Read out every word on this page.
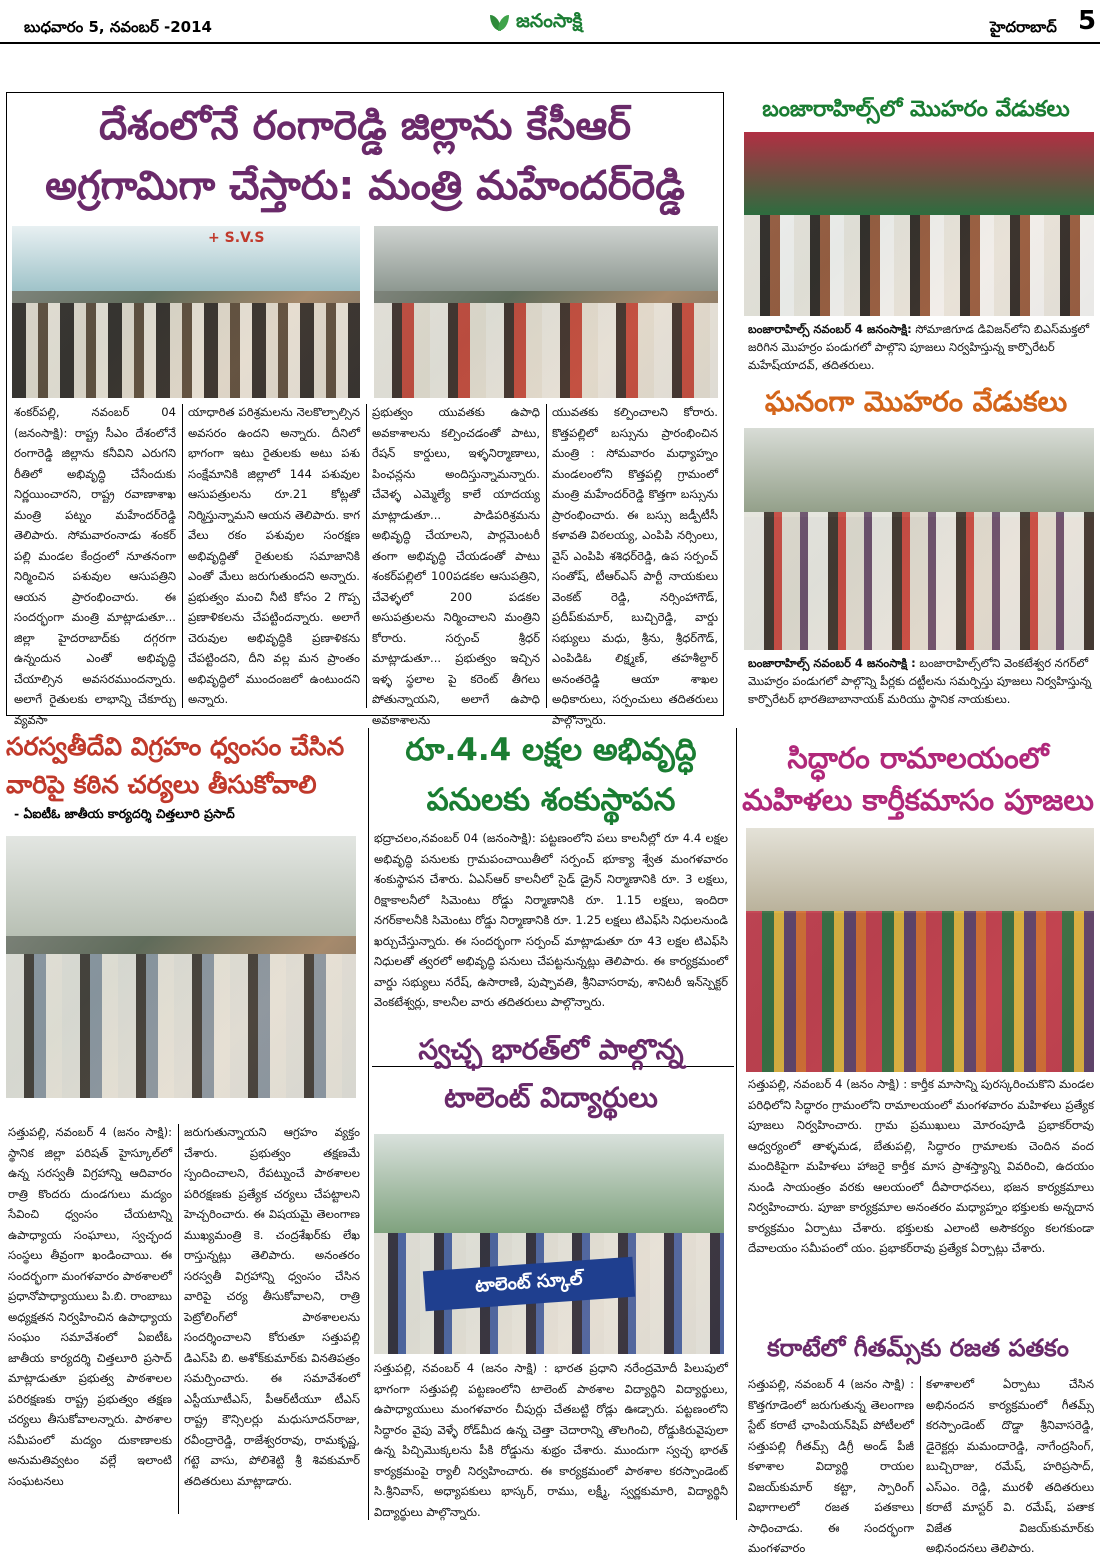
బుధవారం 5, నవంబర్ -2014	జనంసాక్షి	హైదరాబాద్ 5
దేశంలోనే రంగారెడ్డి జిల్లాను కేసీఆర్
అగ్రగామిగా చేస్తారు: మంత్రి మహేందర్‌రెడ్డి
+ S.V.S
శంకర్‌పల్లి, నవంబర్ 04 (జనంసాక్షి): రాష్ట్ర సీఎం దేశంలోనే రంగారెడ్డి జిల్లాను కనీవిని ఎరుగని రీతిలో అభివృద్ధి చేసేందుకు నిర్ణయించారని, రాష్ట్ర రవాణాశాఖ మంత్రి పట్నం మహేందర్‌రెడ్డి తెలిపారు. సోమవారంనాడు శంకర్ పల్లి మండల కేంద్రంలో నూతనంగా నిర్మించిన పశువుల ఆసుపత్రిని ఆయన ప్రారంభించారు. ఈ సందర్భంగా మంత్రి మాట్లాడుతూ... జిల్లా హైదరాబాద్‌కు దగ్గరగా ఉన్నందున ఎంతో అభివృద్ధి చేయాల్సిన అవసరముందన్నారు. అలాగే రైతులకు లాభాన్ని చేకూర్చు వ్యవసా
యాధారిత పరిశ్రమలను నెలకొల్పాల్సిన అవసరం ఉందని అన్నారు. దీనిలో భాగంగా ఇటు రైతులకు అటు పశు సంక్షేమానికి జిల్లాలో 144 పశువుల ఆసుపత్రులను రూ.21 కోట్లతో నిర్మిస్తున్నామని ఆయన తెలిపారు. కాగ వేలు రకం పశువుల సంరక్షణ అభివృద్ధితో రైతులకు సమాజానికి ఎంతో మేలు జరుగుతుందని అన్నారు. ప్రభుత్వం మంచి నీటి కోసం 2 గొప్ప ప్రణాళికలను చేపట్టిందన్నారు. అలాగే చెరువుల అభివృద్ధికి ప్రణాళికను చేపట్టిందని, దీని వల్ల మన ప్రాంతం అభివృద్ధిలో ముందంజలో ఉంటుందని అన్నారు.
ప్రభుత్వం యువతకు ఉపాధి అవకాశాలను కల్పించడంతో పాటు, రేషన్ కార్డులు, ఇళ్ళనిర్మాణాలు, పింఛన్లను అందిస్తున్నామన్నారు. చేవెళ్ళ ఎమ్మెల్యే కాలే యాదయ్య మాట్లాడుతూ... పాడిపరిశ్రమను అభివృద్ధి చేయాలని, పార్లమెంటరీ తంగా అభివృద్ధి చేయడంతో పాటు శంకర్‌పల్లిలో 100పడకల ఆసుపత్రిని, చేవెళ్ళలో 200 పడకల అసుపత్రులను నిర్మించాలని మంత్రిని కోరారు. సర్పంచ్ శ్రీధర్ మాట్లాడుతూ... ప్రభుత్వం ఇచ్చిన ఇళ్ళ స్థలాల పై కరెంట్ తీగలు పోతున్నాయని, అలాగే ఉపాధి అవకాశాలను
యువతకు కల్పించాలని కోరారు. కొత్తపల్లిలో బస్సును ప్రారంభించిన మంత్రి : సోమవారం మధ్యాహ్నం మండలంలోని కొత్తపల్లి గ్రామంలో మంత్రి మహేందర్‌రెడ్డి కొత్తగా బస్సును ప్రారంభించారు. ఈ బస్సు జడ్పీటీసీ కళావతి విఠలయ్య, ఎంపిపి నర్సింలు, వైస్ ఎంపిపి శశిధర్‌రెడ్డి, ఉప సర్పంచ్ సంతోష్, టీఆర్ఎస్ పార్టీ నాయకులు వెంకట్ రెడ్డి, నర్సింహాగౌడ్, ప్రదీప్‌కుమార్, బుచ్చిరెడ్డి, వార్డు సభ్యులు మధు, శ్రీను, శ్రీధర్‌గౌడ్, ఎంపిడిఓ లిక్ష్మణ్, తహశీల్దార్ అనంతరెడ్డి ఆయా శాఖల అధికారులు, సర్పంచులు తదితరులు పాల్గొన్నారు.
బంజారాహిల్స్‌లో మొహరం వేడుకలు
బంజారాహిల్స్ నవంబర్ 4 జనంసాక్షి: సోమాజిగూడ డివిజన్‌లోని బిఎస్‌మక్తలో జరిగిన మొహర్రం పండుగలో పాల్గొని పూజలు నిర్వహిస్తున్న కార్పొరేటర్ మహేష్‌యాదవ్, తదితరులు.
ఘనంగా మొహరం వేడుకలు
బంజారాహిల్స్ నవంబర్ 4 జనంసాక్షి : బంజారాహిల్స్‌లోని వెంకటేశ్వర నగర్‌లో మొహర్రం పండుగలో పాల్గొన్ని పీర్లకు దట్టీలను సమర్పిస్తు పూజలు నిర్వహిస్తున్న కార్పొరేటర్ భారతిబాబానాయక్ మరియు స్థానిక నాయకులు.
సరస్వతీదేవి విగ్రహం ధ్వంసం చేసిన
వారిపై కఠిన చర్యలు తీసుకోవాలి
- ఏఐటీఓ జాతీయ కార్యదర్శి చిత్తలూరి ప్రసాద్
సత్తుపల్లి, నవంబర్ 4 (జనం సాక్షి): స్థానిక జిల్లా పరిషత్ హైస్కూల్‌లో ఉన్న సరస్వతీ విగ్రహాన్ని ఆదివారం రాత్రి కొందరు దుండగులు మద్యం సేవించి ధ్వంసం చేయటాన్ని ఉపాధ్యాయ సంఘాలు, స్వచ్ఛంద సంస్థలు తీవ్రంగా ఖండించాయి. ఈ సందర్భంగా మంగళవారం పాఠశాలలో ప్రధానోపాధ్యాయులు పి.బి. రాంబాబు అధ్యక్షతన నిర్వహించిన ఉపాధ్యాయ సంఘం సమావేశంలో ఏఐటీఓ జాతీయ కార్యదర్శి చిత్తలూరి ప్రసాద్ మాట్లాడుతూ ప్రభుత్వ పాఠశాలల పరిరక్షణకు రాష్ట్ర ప్రభుత్వం తక్షణ చర్యలు తీసుకోవాలన్నారు. పాఠశాల సమీపంలో మద్యం దుకాణాలకు అనుమతివ్వటం వల్లే ఇలాంటి సంఘటనలు
జరుగుతున్నాయని ఆగ్రహం వ్యక్తం చేశారు. ప్రభుత్వం తక్షణమే స్పందించాలని, రేపట్నుంచే పాఠశాలల పరిరక్షణకు ప్రత్యేక చర్యలు చేపట్టాలని హెచ్చరించారు. ఈ విషయమై తెలంగాణ ముఖ్యమంత్రి కె. చంద్రశేఖర్‌కు లేఖ రాస్తున్నట్లు తెలిపారు. అనంతరం సరస్వతీ విగ్రహాన్ని ధ్వంసం చేసిన వారిపై చర్య తీసుకోవాలని, రాత్రి పెట్రోలింగ్‌లో పాఠశాలలను సందర్శించాలని కోరుతూ సత్తుపల్లి డిఎస్‌పి బి. అశోక్‌కుమార్‌కు వినతిపత్రం సమర్పించారు. ఈ సమావేశంలో ఎస్టీయూటీఎస్, పీఆర్‌టీయూ టీఎస్ రాష్ట్ర కౌన్సిలర్లు మధుసూదన్‌రాజు, రవీంద్రారెడ్డి, రాజేశ్వరరావు, రామకృష్ణ, గట్టె వాసు, పోలిశెట్టి శ్రీ శివకుమార్ తదితరులు మాట్లాడారు.
రూ.4.4 లక్షల అభివృద్ధి
పనులకు శంకుస్థాపన
భద్రాచలం,నవంబర్ 04 (జనంసాక్షి): పట్టణంలోని పలు కాలనీల్లో రూ 4.4 లక్షల అభివృద్ధి పనులకు గ్రామపంచాయితీలో సర్పంచ్ భూక్యా శ్వేత మంగళవారం శంకుస్థాపన చేశారు. ఏఎస్‌ఆర్ కాలనీలో సైడ్ డ్రైన్ నిర్మాణానికి రూ. 3 లక్షలు, రిక్షాకాలనీలో సిమెంటు రోడ్డు నిర్మాణానికి రూ. 1.15 లక్షలు, ఇందిరా నగర్‌కాలనీకి సిమెంటు రోడ్డు నిర్మాణానికి రూ. 1.25 లక్షలు టిఎఫ్‌సి నిధులనుండి ఖర్చుచేస్తున్నారు. ఈ సందర్భంగా సర్పంచ్ మాట్లాడుతూ రూ 43 లక్షల టిఎఫ్‌సి నిధులతో త్వరలో అభివృద్ధి పనులు చేపట్టనున్నట్లు తెలిపారు. ఈ కార్యక్రమంలో వార్డు సభ్యులు నరేష్, ఉసారాణి, పుష్పావతి, శ్రీనివాసరావు, శానిటరీ ఇన్‌స్పెక్టర్ వెంకటేశ్వర్లు, కాలనీల వారు తదితరులు పాల్గొన్నారు.
స్వచ్ఛ భారత్‌లో పాల్గొన్న
టాలెంట్ విద్యార్థులు
టాలెంట్ స్కూల్
సత్తుపల్లి, నవంబర్ 4 (జనం సాక్షి) : భారత ప్రధాని నరేంద్రమోదీ పిలుపులో భాగంగా సత్తుపల్లి పట్టణంలోని టాలెంట్ పాఠశాల విద్యార్థిని విద్యార్థులు, ఉపాధ్యాయులు మంగళవారం చీపుర్లు చేతబట్టి రోడ్లు ఊడ్చారు. పట్టణంలోని సిద్ధారం వైపు వెళ్ళే రోడ్‌మీద ఉన్న చెత్తా చెదారాన్ని తొలగించి, రోడ్డుకిరువైపులా ఉన్న పిచ్చిమొక్కలను పీకి రోడ్డును శుభ్రం చేశారు. ముందుగా స్వచ్ఛ భారత్ కార్యక్రమంపై ర్యాలీ నిర్వహించారు. ఈ కార్యక్రమంలో పాఠశాల కరస్పాండెంట్ సి.శ్రీనివాస్, అధ్యాపకులు భాస్కర్, రాము, లక్ష్మీ, స్వర్ణకుమారి, విద్యార్థినీ విద్యార్థులు పాల్గొన్నారు.
సిద్ధారం రామాలయంలో
మహిళలు కార్తీకమాసం పూజలు
సత్తుపల్లి, నవంబర్ 4 (జనం సాక్షి) : కార్తీక మాసాన్ని పురస్కరించుకొని మండల పరిధిలోని సిద్ధారం గ్రామంలోని రామాలయంలో మంగళవారం మహిళలు ప్రత్యేక పూజలు నిర్వహించారు. గ్రామ ప్రముఖులు మోరంపూడి ప్రభాకర్‌రావు ఆధ్వర్యంలో తాళ్ళమడ, బేతుపల్లి, సిద్ధారం గ్రామాలకు చెందిన వంద మందికిపైగా మహిళలు హాజరై కార్తీక మాస ప్రాశస్త్యాన్ని వివరించి, ఉదయం నుండి సాయంత్రం వరకు ఆలయంలో దీపారాధనలు, భజన కార్యక్రమాలు నిర్వహించారు. పూజా కార్యక్రమాల అనంతరం మధ్యాహ్నం భక్తులకు అన్నదాన కార్యక్రమం ఏర్పాటు చేశారు. భక్తులకు ఎలాంటి అసౌకర్యం కలగకుండా దేవాలయం సమీపంలో యం. ప్రభాకర్‌రావు ప్రత్యేక ఏర్పాట్లు చేశారు.
కరాటేలో గీతమ్స్‌కు రజత పతకం
సత్తుపల్లి, నవంబర్ 4 (జనం సాక్షి) : కొత్తగూడెంలో జరుగుతున్న తెలంగాణ స్టేట్ కరాటే ఛాంపియన్‌షిప్ పోటీలలో సత్తుపల్లి గీతమ్స్ డిగ్రీ అండ్ పీజీ కళాశాల విద్యార్థి రాయల విజయ్‌కుమార్ కట్టా, స్పారింగ్ విభాగాలలో రజత పతకాలు సాధించాడు. ఈ సందర్భంగా మంగళవారం
కళాశాలలో ఏర్పాటు చేసిన అభినందన కార్యక్రమంలో గీతమ్స్ కరస్పాండెంట్ దొడ్డా శ్రీనివాసరెడ్డి, డైరెక్టర్లు మమందారెడ్డి, నాగేంద్రసింగ్, బుచ్చిరాజు, రమేష్, హరిప్రసాద్, ఎస్‌ఎం. రెడ్డి, మురళీ తదితరులు కరాటే మాస్టర్ వి. రమేష్, పతాక విజేత విజయ్‌కుమార్‌కు అభినందనలు తెలిపారు.
